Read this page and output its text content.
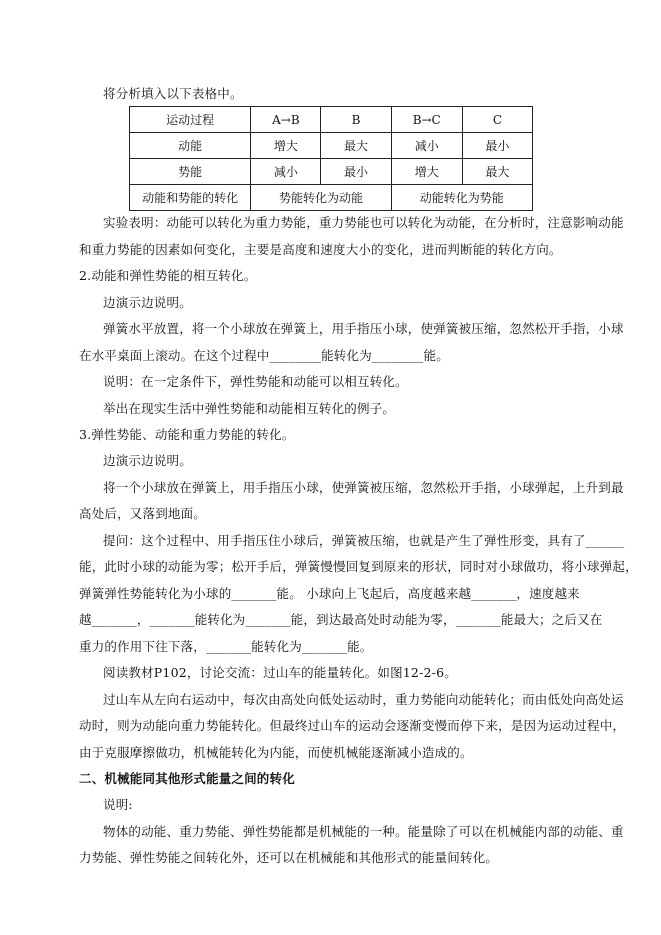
将分析填入以下表格中。
运动过程	A→B	B	B→C	C
动能	增大	最大	减小	最小
势能	减小	最小	增大	最大
动能和势能的转化	势能转化为动能		动能转化为势能	
实验表明：动能可以转化为重力势能，重力势能也可以转化为动能，在分析时，注意影响动能
和重力势能的因素如何变化，主要是高度和速度大小的变化，进而判断能的转化方向。
2.动能和弹性势能的相互转化。
边演示边说明。
弹簧水平放置，将一个小球放在弹簧上，用手指压小球，使弹簧被压缩，忽然松开手指，小球
在水平桌面上滚动。在这个过程中________能转化为________能。
说明：在一定条件下，弹性势能和动能可以相互转化。
举出在现实生活中弹性势能和动能相互转化的例子。
3.弹性势能、动能和重力势能的转化。
边演示边说明。
将一个小球放在弹簧上，用手指压小球，使弹簧被压缩，忽然松开手指，小球弹起，上升到最
高处后，又落到地面。
提问：这个过程中、用手指压住小球后，弹簧被压缩，也就是产生了弹性形变，具有了______
能，此时小球的动能为零；松开手后，弹簧慢慢回复到原来的形状，同时对小球做功，将小球弹起，
弹簧弹性势能转化为小球的_______能。 小球向上飞起后，高度越来越_______，速度越来
越_______，_______能转化为_______能，到达最高处时动能为零，_______能最大；之后又在
重力的作用下往下落，_______能转化为_______能。
阅读教材P102，讨论交流：过山车的能量转化。如图12-2-6。
过山车从左向右运动中，每次由高处向低处运动时，重力势能向动能转化；而由低处向高处运
动时，则为动能向重力势能转化。但最终过山车的运动会逐渐变慢而停下来，是因为运动过程中，
由于克服摩擦做功，机械能转化为内能，而使机械能逐渐减小造成的。
二、机械能同其他形式能量之间的转化
说明:
物体的动能、重力势能、弹性势能都是机械能的一种。能量除了可以在机械能内部的动能、重
力势能、弹性势能之间转化外，还可以在机械能和其他形式的能量间转化。
